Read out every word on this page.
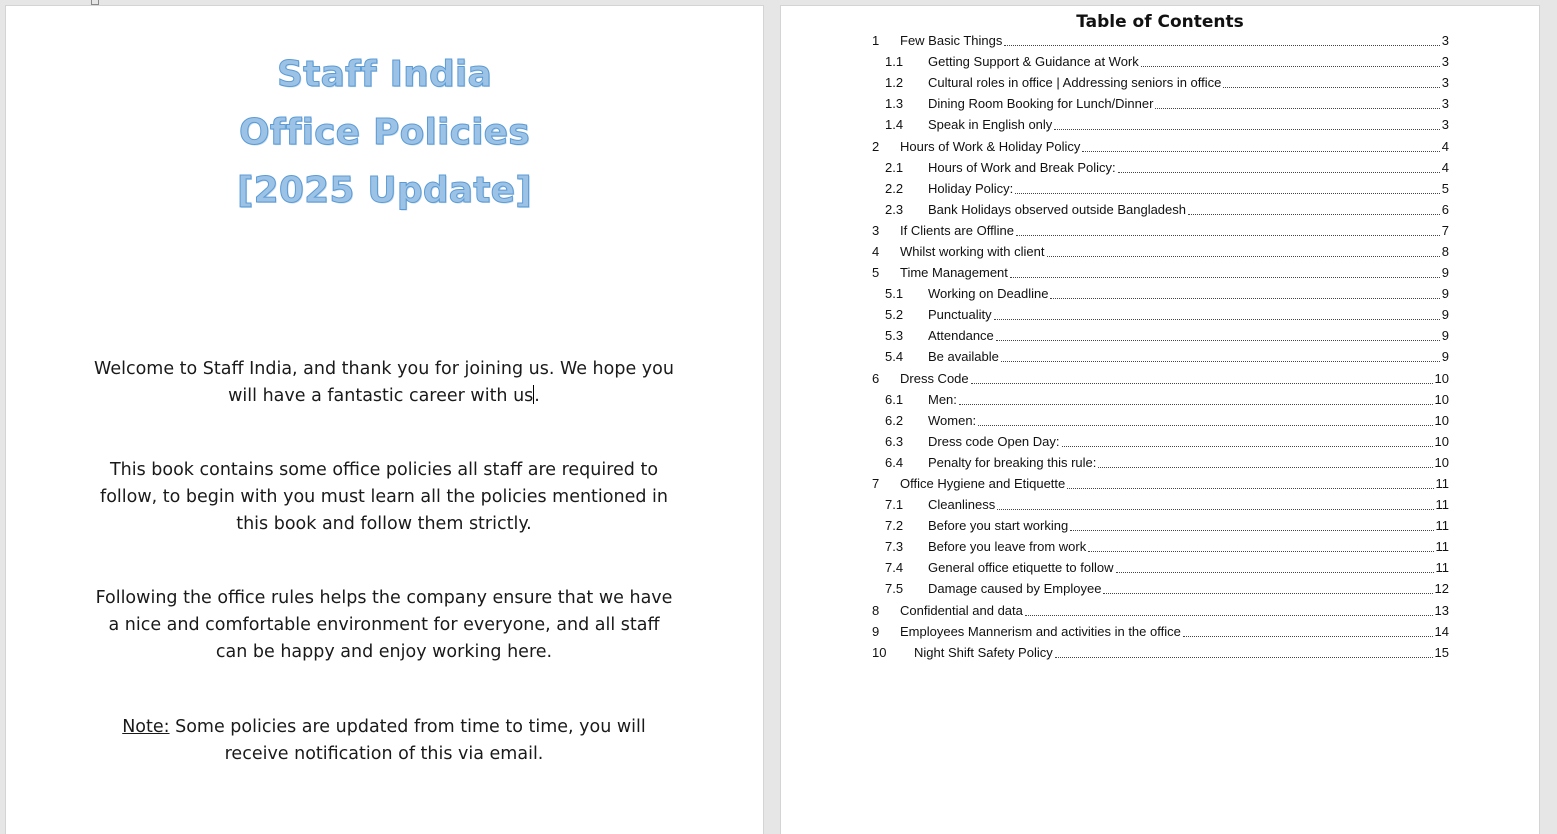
Staff India
Office Policies
[2025 Update]

Welcome to Staff India, and thank you for joining us. We hope you will have a fantastic career with us.

This book contains some office policies all staff are required to follow, to begin with you must learn all the policies mentioned in this book and follow them strictly.

Following the office rules helps the company ensure that we have a nice and comfortable environment for everyone, and all staff can be happy and enjoy working here.

Note: Some policies are updated from time to time, you will receive notification of this via email.

Table of Contents
1	Few Basic Things	3
1.1	Getting Support & Guidance at Work	3
1.2	Cultural roles in office | Addressing seniors in office	3
1.3	Dining Room Booking for Lunch/Dinner	3
1.4	Speak in English only	3
2	Hours of Work & Holiday Policy	4
2.1	Hours of Work and Break Policy:	4
2.2	Holiday Policy:	5
2.3	Bank Holidays observed outside Bangladesh	6
3	If Clients are Offline	7
4	Whilst working with client	8
5	Time Management	9
5.1	Working on Deadline	9
5.2	Punctuality	9
5.3	Attendance	9
5.4	Be available	9
6	Dress Code	10
6.1	Men:	10
6.2	Women:	10
6.3	Dress code Open Day:	10
6.4	Penalty for breaking this rule:	10
7	Office Hygiene and Etiquette	11
7.1	Cleanliness	11
7.2	Before you start working	11
7.3	Before you leave from work	11
7.4	General office etiquette to follow	11
7.5	Damage caused by Employee	12
8	Confidential and data	13
9	Employees Mannerism and activities in the office	14
10	Night Shift Safety Policy	15
